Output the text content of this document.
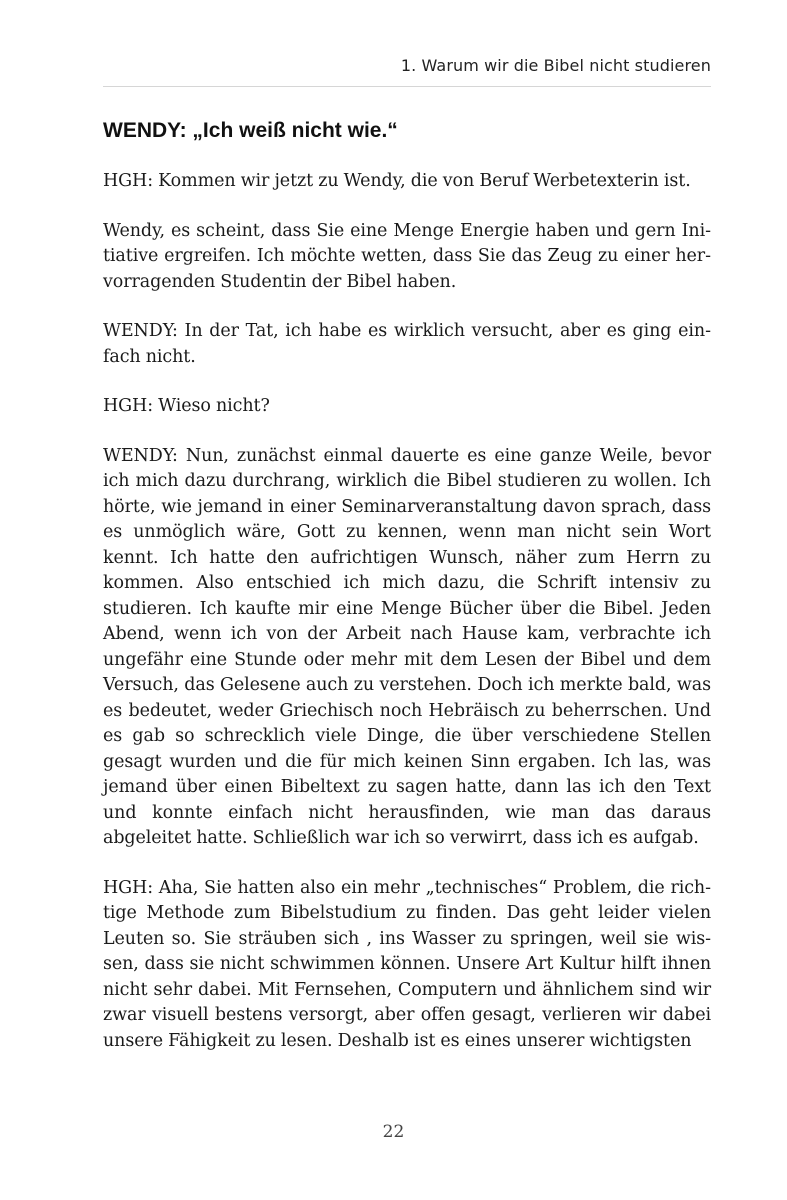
1. Warum wir die Bibel nicht studieren
WENDY: „Ich weiß nicht wie.“

HGH: Kommen wir jetzt zu Wendy, die von Beruf Werbetexterin ist.

Wendy, es scheint, dass Sie eine Menge Energie haben und gern Initiative ergreifen. Ich möchte wetten, dass Sie das Zeug zu einer hervorragenden Studentin der Bibel haben.

WENDY: In der Tat, ich habe es wirklich versucht, aber es ging einfach nicht.

HGH: Wieso nicht?

WENDY: Nun, zunächst einmal dauerte es eine ganze Weile, bevor ich mich dazu durchrang, wirklich die Bibel studieren zu wollen. Ich hörte, wie jemand in einer Seminarveranstaltung davon sprach, dass es unmöglich wäre, Gott zu kennen, wenn man nicht sein Wort kennt. Ich hatte den aufrichtigen Wunsch, näher zum Herrn zu kommen. Also entschied ich mich dazu, die Schrift intensiv zu studieren. Ich kaufte mir eine Menge Bücher über die Bibel. Jeden Abend, wenn ich von der Arbeit nach Hause kam, verbrachte ich ungefähr eine Stunde oder mehr mit dem Lesen der Bibel und dem Versuch, das Gelesene auch zu verstehen. Doch ich merkte bald, was es bedeutet, weder Griechisch noch Hebräisch zu beherrschen. Und es gab so schrecklich viele Dinge, die über verschiedene Stellen gesagt wurden und die für mich keinen Sinn ergaben. Ich las, was jemand über einen Bibeltext zu sagen hatte, dann las ich den Text und konnte einfach nicht herausfinden, wie man das daraus abgeleitet hatte. Schließlich war ich so verwirrt, dass ich es aufgab.

HGH: Aha, Sie hatten also ein mehr „technisches“ Problem, die richtige Methode zum Bibelstudium zu finden. Das geht leider vielen Leuten so. Sie sträuben sich , ins Wasser zu springen, weil sie wissen, dass sie nicht schwimmen können. Unsere Art Kultur hilft ihnen nicht sehr dabei. Mit Fernsehen, Computern und ähnlichem sind wir zwar visuell bestens versorgt, aber offen gesagt, verlieren wir dabei unsere Fähigkeit zu lesen. Deshalb ist es eines unserer wichtigsten

22
